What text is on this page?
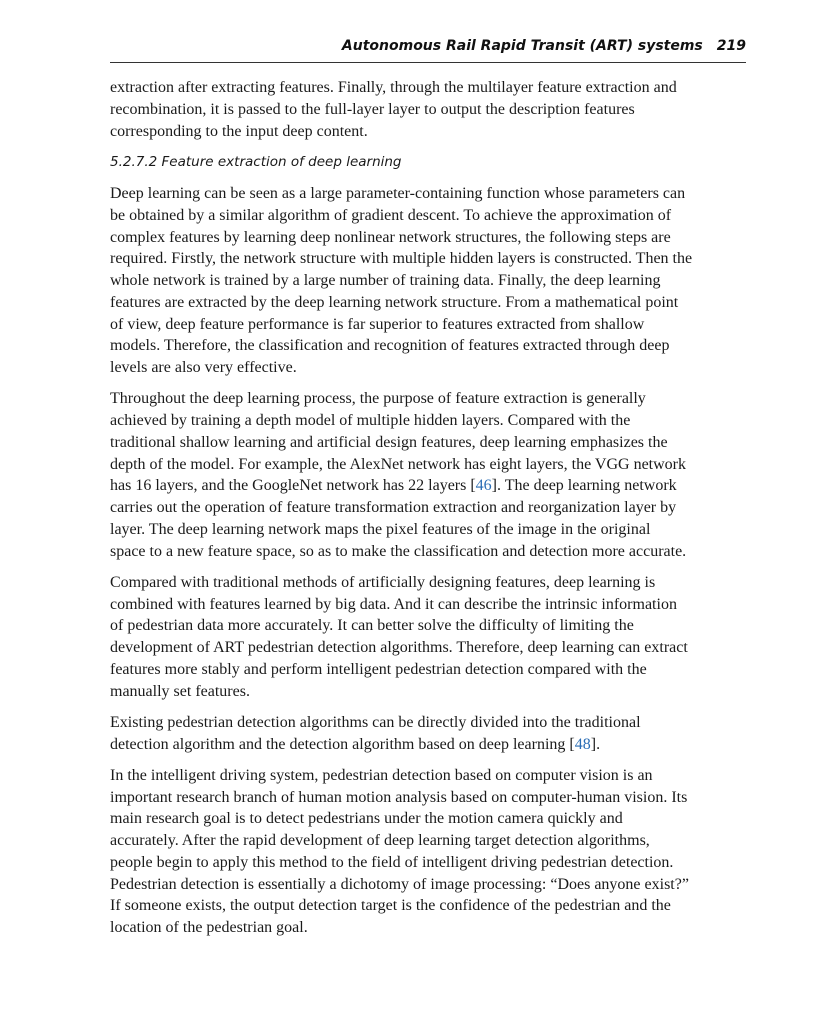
Autonomous Rail Rapid Transit (ART) systems 219
extraction after extracting features. Finally, through the multilayer feature extraction and
recombination, it is passed to the full-layer layer to output the description features
corresponding to the input deep content.
5.2.7.2 Feature extraction of deep learning
Deep learning can be seen as a large parameter-containing function whose parameters can
be obtained by a similar algorithm of gradient descent. To achieve the approximation of
complex features by learning deep nonlinear network structures, the following steps are
required. Firstly, the network structure with multiple hidden layers is constructed. Then the
whole network is trained by a large number of training data. Finally, the deep learning
features are extracted by the deep learning network structure. From a mathematical point
of view, deep feature performance is far superior to features extracted from shallow
models. Therefore, the classification and recognition of features extracted through deep
levels are also very effective.
Throughout the deep learning process, the purpose of feature extraction is generally
achieved by training a depth model of multiple hidden layers. Compared with the
traditional shallow learning and artificial design features, deep learning emphasizes the
depth of the model. For example, the AlexNet network has eight layers, the VGG network
has 16 layers, and the GoogleNet network has 22 layers [46]. The deep learning network
carries out the operation of feature transformation extraction and reorganization layer by
layer. The deep learning network maps the pixel features of the image in the original
space to a new feature space, so as to make the classification and detection more accurate.
Compared with traditional methods of artificially designing features, deep learning is
combined with features learned by big data. And it can describe the intrinsic information
of pedestrian data more accurately. It can better solve the difficulty of limiting the
development of ART pedestrian detection algorithms. Therefore, deep learning can extract
features more stably and perform intelligent pedestrian detection compared with the
manually set features.
Existing pedestrian detection algorithms can be directly divided into the traditional
detection algorithm and the detection algorithm based on deep learning [48].
In the intelligent driving system, pedestrian detection based on computer vision is an
important research branch of human motion analysis based on computer-human vision. Its
main research goal is to detect pedestrians under the motion camera quickly and
accurately. After the rapid development of deep learning target detection algorithms,
people begin to apply this method to the field of intelligent driving pedestrian detection.
Pedestrian detection is essentially a dichotomy of image processing: “Does anyone exist?”
If someone exists, the output detection target is the confidence of the pedestrian and the
location of the pedestrian goal.
